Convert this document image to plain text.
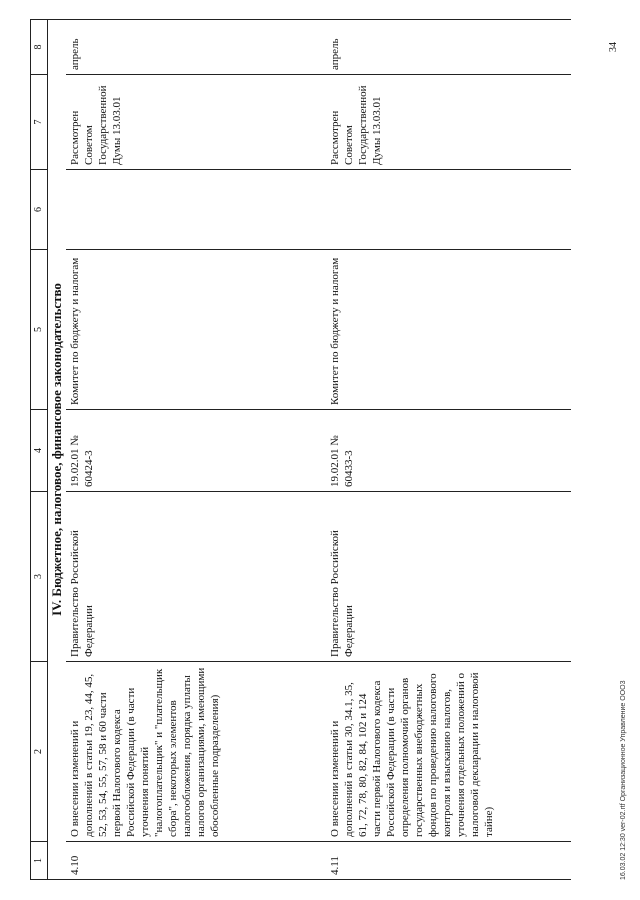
1	2	3	4	5	6	7	8
IV. Бюджетное, налоговое, финансовое законодательство							
4.10	О внесении изменений и дополнений в статьи 19, 23, 44, 45, 52, 53, 54, 55, 57, 58 и 60 части первой Налогового кодекса Российской Федерации (в части уточнения понятий "налогоплательщик" и "плательщик сбора", некоторых элементов налогообложения, порядка уплаты налогов организациями, имеющими обособленные подразделения)	Правительство Российской Федерации	19.02.01 № 60424-3	Комитет по бюджету и налогам		Рассмотрен Советом Государственной Думы 13.03.01	апрель
4.11	О внесении изменений и дополнений в статьи 30, 34.1, 35, 61, 72, 78, 80, 82, 84, 102 и 124 части первой Налогового кодекса Российской Федерации (в части определения полномочий органов государственных внебюджетных фондов по проведению налогового контроля и взысканию налогов, уточнения отдельных положений о налоговой декларации и налоговой тайне)	Правительство Российской Федерации	19.02.01 № 60433-3	Комитет по бюджету и налогам		Рассмотрен Советом Государственной Думы 13.03.01	апрель
16.03.02 12:30 ver-02.rtf Организационное Управление ООО3
34
